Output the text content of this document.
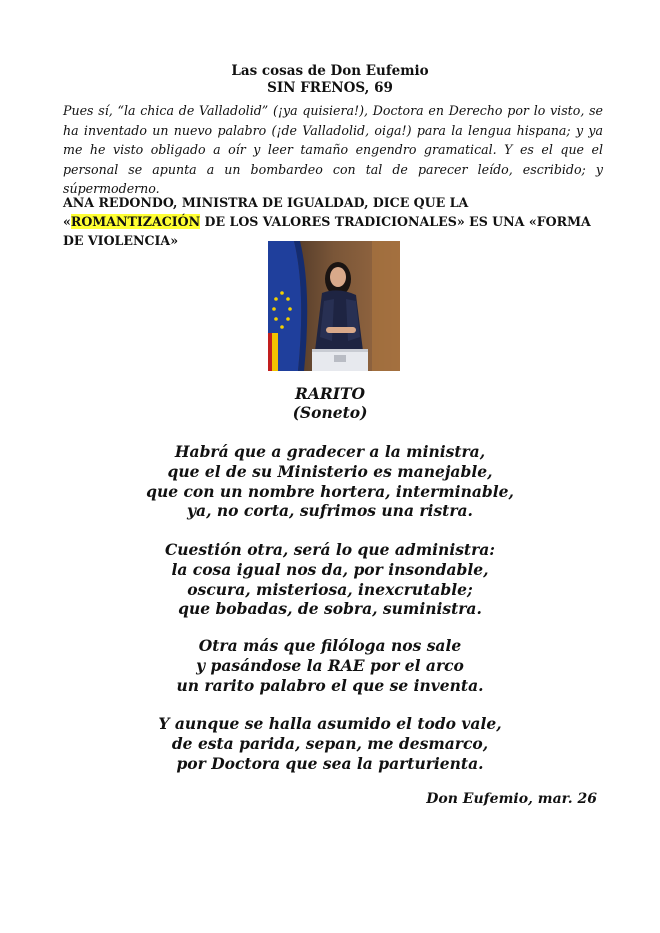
Las cosas de Don Eufemio
SIN FRENOS, 69
Pues sí, “la chica de Valladolid” (¡ya quisiera!), Doctora en Derecho por lo visto, se ha inventado un nuevo palabro (¡de Valladolid, oiga!) para la lengua hispana; y ya me he visto obligado a oír y leer tamaño engendro gramatical. Y es el que el personal se apunta a un bombardeo con tal de parecer leído, escribido; y súpermoderno.
ANA REDONDO, MINISTRA DE IGUALDAD, DICE QUE LA «ROMANTIZACIÓN DE LOS VALORES TRADICIONALES» ES UNA «FORMA DE VIOLENCIA»
RARITO
(Soneto)
Habrá que a gradecer a la ministra,
que el de su Ministerio es manejable,
que con un nombre hortera, interminable,
ya, no corta, sufrimos una ristra.
Cuestión otra, será lo que administra:
la cosa igual nos da, por insondable,
oscura, misteriosa, inexcrutable;
que bobadas, de sobra, suministra.
Otra más que filóloga nos sale
y pasándose la RAE por el arco
un rarito palabro el que se inventa.
Y aunque se halla asumido el todo vale,
de esta parida, sepan, me desmarco,
por Doctora que sea la parturienta.
Don Eufemio, mar. 26
